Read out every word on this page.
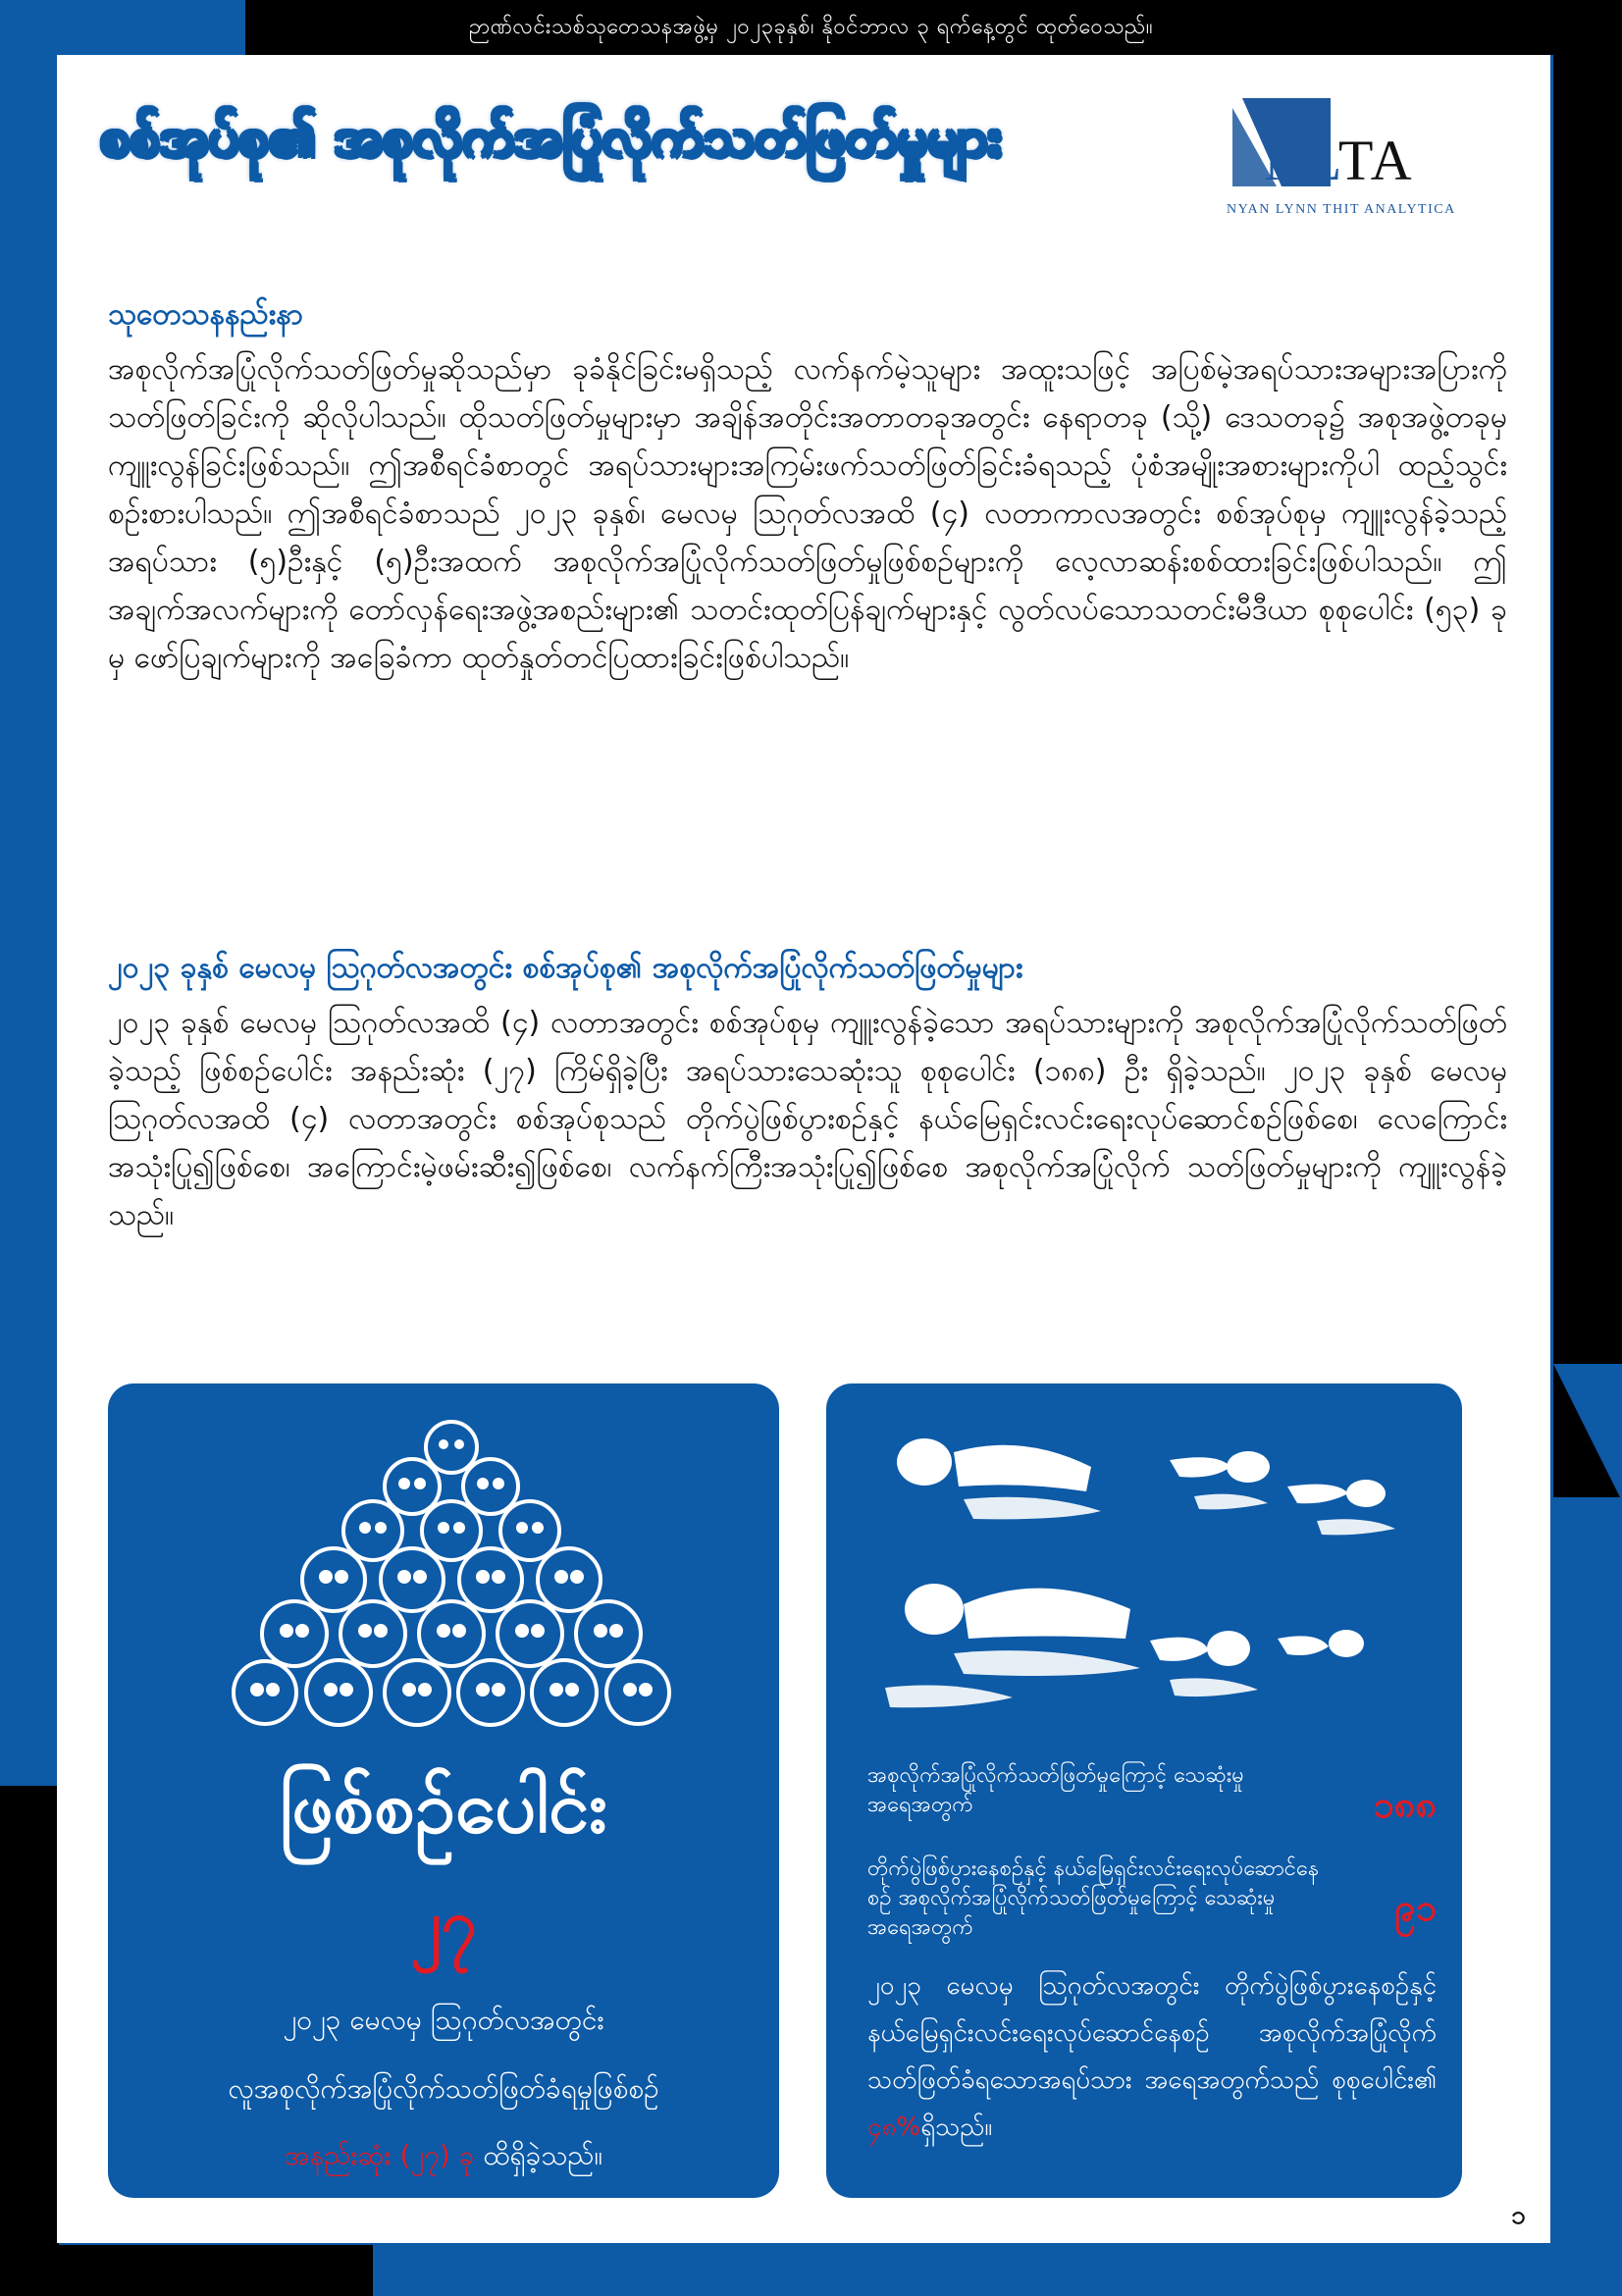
ဉာဏ်လင်းသစ်သုတေသနအဖွဲ့မှ ၂၀၂၃ခုနှစ်၊ နိုဝင်ဘာလ ၃ ရက်နေ့တွင် ထုတ်ဝေသည်။
NLTA
NYAN LYNN THIT ANALYTICA
စစ်အုပ်စု၏ အစုလိုက်အပြုံလိုက်သတ်ဖြတ်မှုများ
သုတေသနနည်းနာ
အစုလိုက်အပြုံလိုက်သတ်ဖြတ်မှုဆိုသည်မှာ ခုခံနိုင်ခြင်းမရှိသည့် လက်နက်မဲ့သူများ အထူးသဖြင့် အပြစ်မဲ့အရပ်သားအများအပြားကို သတ်ဖြတ်ခြင်းကို ဆိုလိုပါသည်။ ထိုသတ်ဖြတ်မှုများမှာ အချိန်အတိုင်းအတာတခုအတွင်း နေရာတခု (သို့) ဒေသတခု၌ အစုအဖွဲ့တခုမှ ကျူးလွန်ခြင်းဖြစ်သည်။ ဤအစီရင်ခံစာတွင် အရပ်သားများအကြမ်းဖက်သတ်ဖြတ်ခြင်းခံရသည့် ပုံစံအမျိုးအစားများကိုပါ ထည့်သွင်းစဉ်းစားပါသည်။ ဤအစီရင်ခံစာသည် ၂၀၂၃ ခုနှစ်၊ မေလမှ ဩဂုတ်လအထိ (၄) လတာကာလအတွင်း စစ်အုပ်စုမှ ကျူးလွန်ခဲ့သည့် အရပ်သား (၅)ဦးနှင့် (၅)ဦးအထက် အစုလိုက်အပြုံလိုက်သတ်ဖြတ်မှုဖြစ်စဉ်များကို လေ့လာဆန်းစစ်ထားခြင်းဖြစ်ပါသည်။ ဤအချက်အလက်များကို တော်လှန်ရေးအဖွဲ့အစည်းများ၏ သတင်းထုတ်ပြန်ချက်များနှင့် လွတ်လပ်သောသတင်းမီဒီယာ စုစုပေါင်း (၅၃) ခုမှ ဖော်ပြချက်များကို အခြေခံကာ ထုတ်နှုတ်တင်ပြထားခြင်းဖြစ်ပါသည်။
၂၀၂၃ ခုနှစ် မေလမှ ဩဂုတ်လအတွင်း စစ်အုပ်စု၏ အစုလိုက်အပြုံလိုက်သတ်ဖြတ်မှုများ
၂၀၂၃ ခုနှစ် မေလမှ ဩဂုတ်လအထိ (၄) လတာအတွင်း စစ်အုပ်စုမှ ကျူးလွန်ခဲ့သော အရပ်သားများကို အစုလိုက်အပြုံလိုက်သတ်ဖြတ်ခဲ့သည့် ဖြစ်စဉ်ပေါင်း အနည်းဆုံး (၂၇) ကြိမ်ရှိခဲ့ပြီး အရပ်သားသေဆုံးသူ စုစုပေါင်း (၁၈၈) ဦး ရှိခဲ့သည်။ ၂၀၂၃ ခုနှစ် မေလမှ ဩဂုတ်လအထိ (၄) လတာအတွင်း စစ်အုပ်စုသည် တိုက်ပွဲဖြစ်ပွားစဉ်နှင့် နယ်မြေရှင်းလင်းရေးလုပ်ဆောင်စဉ်ဖြစ်စေ၊ လေကြောင်းအသုံးပြု၍ဖြစ်စေ၊ အကြောင်းမဲ့ဖမ်းဆီး၍ဖြစ်စေ၊ လက်နက်ကြီးအသုံးပြု၍ဖြစ်စေ အစုလိုက်အပြုံလိုက် သတ်ဖြတ်မှုများကို ကျူးလွန်ခဲ့သည်။
ဖြစ်စဉ်ပေါင်း
၂၇
၂၀၂၃ မေလမှ ဩဂုတ်လအတွင်း
လူအစုလိုက်အပြုံလိုက်သတ်ဖြတ်ခံရမှုဖြစ်စဉ်
အနည်းဆုံး (၂၇) ခု ထိရှိခဲ့သည်။
အစုလိုက်အပြုံလိုက်သတ်ဖြတ်မှုကြောင့် သေဆုံးမှုအရေအတွက်	၁၈၈
တိုက်ပွဲဖြစ်ပွားနေစဉ်နှင့် နယ်မြေရှင်းလင်းရေးလုပ်ဆောင်နေစဉ် အစုလိုက်အပြုံလိုက်သတ်ဖြတ်မှုကြောင့် သေဆုံးမှုအရေအတွက်	၉၁
၂၀၂၃ မေလမှ ဩဂုတ်လအတွင်း တိုက်ပွဲဖြစ်ပွားနေစဉ်နှင့် နယ်မြေရှင်းလင်းရေးလုပ်ဆောင်နေစဉ် အစုလိုက်အပြုံလိုက်သတ်ဖြတ်ခံရသောအရပ်သား အရေအတွက်သည် စုစုပေါင်း၏ ၄၈%ရှိသည်။
၁
